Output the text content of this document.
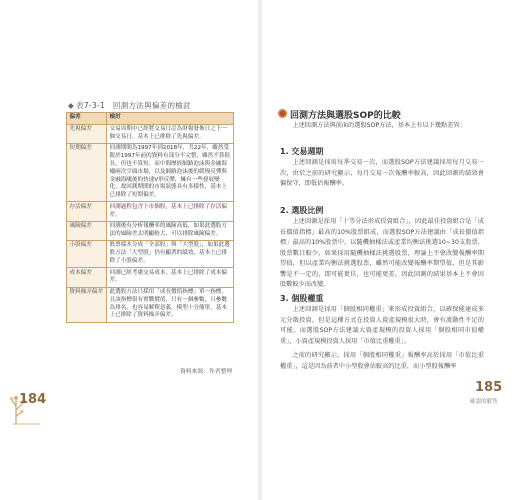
◆ 表7-3-1　回測方法與偏差的檢討
偏差	檢討
先視偏差	交易周期中已經將交易日訂為財報發佈日之下一個交易日，基本上已排除了先視偏差。
短期偏差	回測期間為1997年到2018年，共22年，雖然受限於1997年前的資料有部分不完整，雖然不算很長，但也不算短。而中間歷經網路泡沫與金融海嘯兩次空頭市場，以及網路泡沫後的緩慢反彈與金融海嘯後的快速V形反彈，擁有一些發展變化。故回測期間的市場狀態具有多樣性，基本上已排除了短期偏差。
存活偏差	回測過程包含下市個股，基本上已排除了存活偏差。
風險偏差	回測後有分析報酬率的風險高低，如果此選股方法的風險差太明顯較大，可以排除風險偏差。
小股偏差	股票樣本分成「全部股」與「大型股」，如果此選股方法「大型股」仍有顯著的績效，基本上已排除了小股偏差。
成本偏差	回測已經考慮交易成本，基本上已排除了成本偏差。
資料操弄偏差	此選股方法只採用「成長價值指標」單一指標，且該指標很有實戰價值，只有一個參數，且參數為排名，也容易解釋意義，模型十分簡單，基本上已排除了資料操弄偏差。
資料來源：作者整理
184
回測方法與選股SOP的比較

上述回測方法與前面的選股SOP方法，基本上有以下幾點差異：

1. 交易週期

上述回測是採用每季交易一次，而選股SOP方法建議採用每月交易一次，由於之前的研究顯示，每月交易一次報酬率較高，因此回測的績效會偏保守，即低估報酬率。

2. 選股比例

上述回測是採用「十等分法形成投資組合」，因此最佳投資組合是「成長價值指標」最高的10%股票組成，而選股SOP方法建議由「成長價值指標」最高的10%股票中，以隨機抽樣法或產業均衡法挑選10~30支股票，股票數目較少，如果採用隨機抽樣法挑選股票，理論上不會改變報酬率期望值，但以產業均衡法挑選股票，雖然可能改變報酬率期望值，但是其影響是不一定的，即可能更佳，也可能更差。因此回測的結果基本上不會因股數較少而改變。

3. 個股權重

上述回測是採用「個股相同權重」來形成投資組合，以確保能達成多元分散投資，但是這種方式在投資人資產規模很大時，會有流動性不足的可能。而選股SOP方法建議大資產規模的投資人採用「個股相同市值權重」，小資產規模投資人採用「市值比重權重」。

之前的研究顯示，採用「個股相同權重」報酬率高於採用「市值比重權重」，這是因為前者中小型股會佔較高的比重，而小型股報酬率

185
確認的解答
